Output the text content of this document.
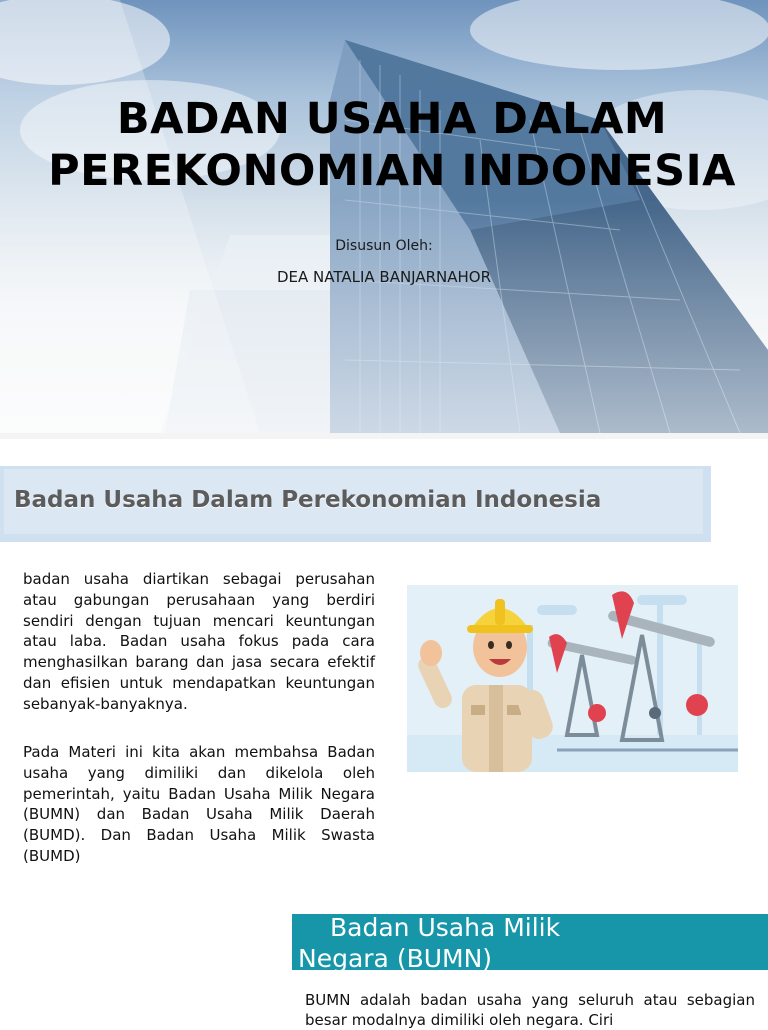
BADAN USAHA DALAM
PEREKONOMIAN INDONESIA
Disusun Oleh:
DEA NATALIA BANJARNAHOR
Badan Usaha Dalam Perekonomian Indonesia

badan usaha diartikan sebagai perusahan atau gabungan perusahaan yang berdiri sendiri dengan tujuan mencari keuntungan atau laba. Badan usaha fokus pada cara menghasilkan barang dan jasa secara efektif dan efisien untuk mendapatkan keuntungan sebanyak-banyaknya.

Pada Materi ini kita akan membahsa Badan usaha yang dimiliki dan dikelola oleh pemerintah, yaitu Badan Usaha Milik Negara (BUMN) dan Badan Usaha Milik Daerah (BUMD). Dan Badan Usaha Milik Swasta (BUMD)

Badan Usaha Milik
Negara (BUMN)

BUMN adalah badan usaha yang seluruh atau sebagian besar modalnya dimiliki oleh negara. Ciri
